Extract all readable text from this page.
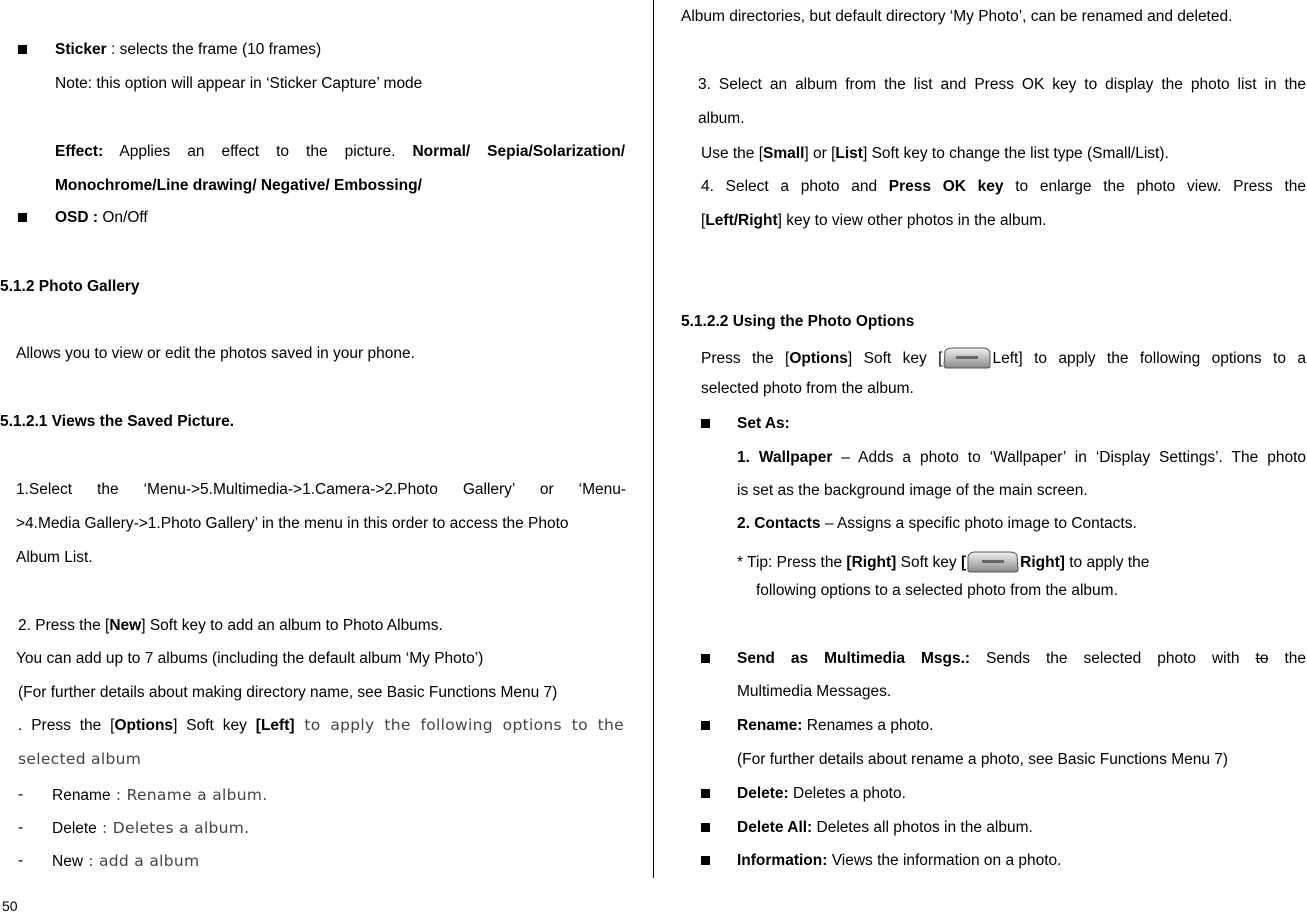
Sticker : selects the frame (10 frames)
Note: this option will appear in ‘Sticker Capture’ mode
Effect: Applies an effect to the picture. Normal/ Sepia/Solarization/
Monochrome/Line drawing/ Negative/ Embossing/
OSD : On/Off
5.1.2 Photo Gallery
Allows you to view or edit the photos saved in your phone.
5.1.2.1 Views the Saved Picture.
1.Select the ‘Menu->5.Multimedia->1.Camera->2.Photo Gallery’ or ‘Menu-
>4.Media Gallery->1.Photo Gallery’ in the menu in this order to access the Photo
Album List.
2. Press the [New] Soft key to add an album to Photo Albums.
You can add up to 7 albums (including the default album ‘My Photo’)
(For further details about making directory name, see Basic Functions Menu 7)
. Press the [Options] Soft key [Left] to apply the following options to the
selected album
- Rename : Rename a album.
- Delete : Deletes a album.
- New : add a album
50
Album directories, but default directory ‘My Photo’, can be renamed and deleted.
3. Select an album from the list and Press OK key to display the photo list in the
album.
Use the [Small] or [List] Soft key to change the list type (Small/List).
4. Select a photo and Press OK key to enlarge the photo view. Press the
[Left/Right] key to view other photos in the album.
5.1.2.2 Using the Photo Options
Press the [Options] Soft key [	Left] to apply the following options to a
selected photo from the album.
Set As:
1. Wallpaper – Adds a photo to ‘Wallpaper’ in ‘Display Settings’. The photo
is set as the background image of the main screen.
2. Contacts – Assigns a specific photo image to Contacts.
* Tip: Press the [Right] Soft key [	Right] to apply the
following options to a selected photo from the album.
Send as Multimedia Msgs.: Sends the selected photo with to the
Multimedia Messages.
Rename: Renames a photo.
(For further details about rename a photo, see Basic Functions Menu 7)
Delete: Deletes a photo.
Delete All: Deletes all photos in the album.
Information: Views the information on a photo.
